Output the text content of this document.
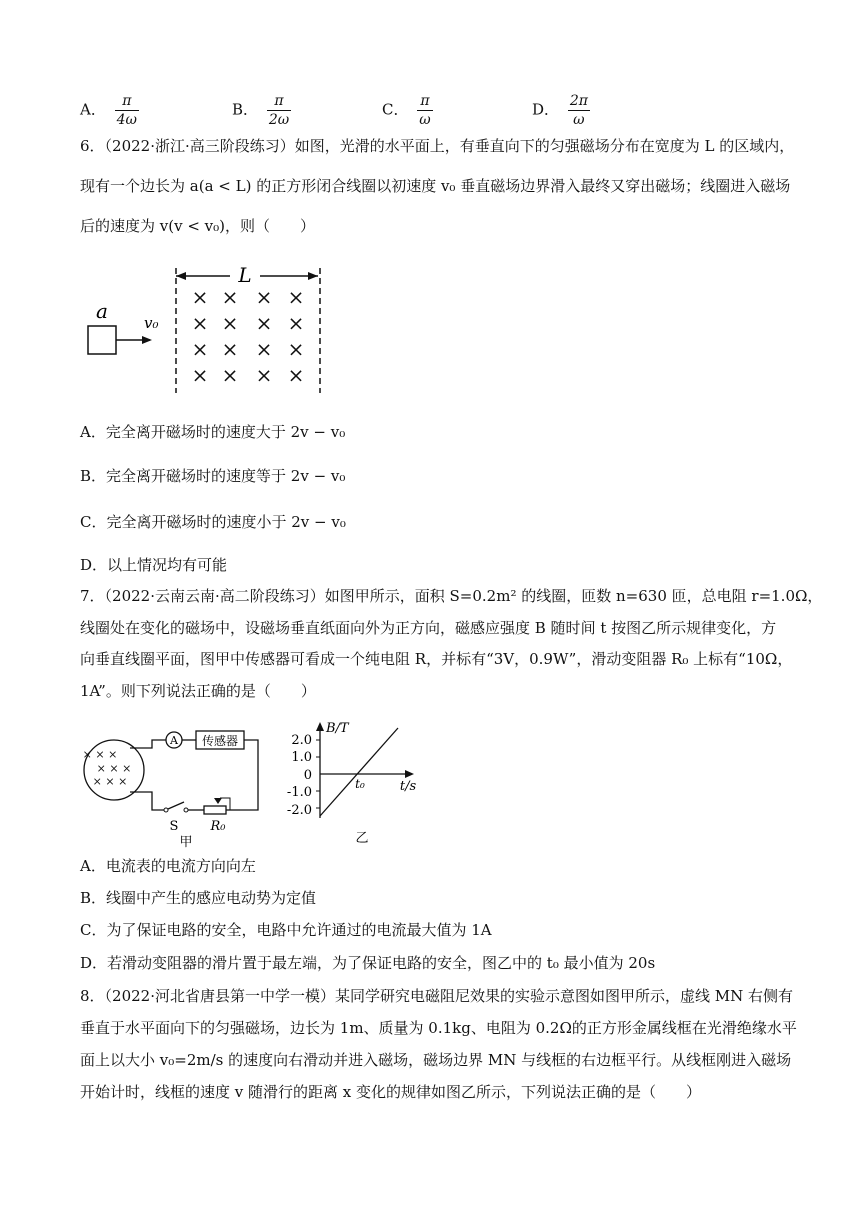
A． $\frac{\pi}{4\omega}$	B． $\frac{\pi}{2\omega}$	C． $\frac{\pi}{\omega}$	D． $\frac{2\pi}{\omega}$
6．（2022·浙江·高三阶段练习）如图，光滑的水平面上，有垂直向下的匀强磁场分布在宽度为 L 的区域内，
现有一个边长为 a(a < L) 的正方形闭合线圈以初速度 v₀ 垂直磁场边界滑入最终又穿出磁场；线圈进入磁场
后的速度为 v(v < v₀)，则（　　）
L
× × × ×
× × × ×
× × × ×
× × × ×
a v₀
A．完全离开磁场时的速度大于 2v − v₀
B．完全离开磁场时的速度等于 2v − v₀
C．完全离开磁场时的速度小于 2v − v₀
D．以上情况均有可能
7．（2022·云南云南·高二阶段练习）如图甲所示，面积 S=0.2m² 的线圈，匝数 n=630 匝，总电阻 r=1.0Ω，
线圈处在变化的磁场中，设磁场垂直纸面向外为正方向，磁感应强度 B 随时间 t 按图乙所示规律变化，方
向垂直线圈平面，图甲中传感器可看成一个纯电阻 R，并标有“3V，0.9W”，滑动变阻器 R₀ 上标有“10Ω，
1A”。则下列说法正确的是（　　）
× × ×
× × ×
× × ×
A 传感器
S R₀
甲
2.0
1.0
0
-1.0
-2.0
B/T
t/s
t₀
乙
A．电流表的电流方向向左
B．线圈中产生的感应电动势为定值
C．为了保证电路的安全，电路中允许通过的电流最大值为 1A
D．若滑动变阻器的滑片置于最左端，为了保证电路的安全，图乙中的 t₀ 最小值为 20s
8．（2022·河北省唐县第一中学一模）某同学研究电磁阻尼效果的实验示意图如图甲所示，虚线 MN 右侧有
垂直于水平面向下的匀强磁场，边长为 1m、质量为 0.1kg、电阻为 0.2Ω的正方形金属线框在光滑绝缘水平
面上以大小 v₀=2m/s 的速度向右滑动并进入磁场，磁场边界 MN 与线框的右边框平行。从线框刚进入磁场
开始计时，线框的速度 v 随滑行的距离 x 变化的规律如图乙所示，下列说法正确的是（　　）
